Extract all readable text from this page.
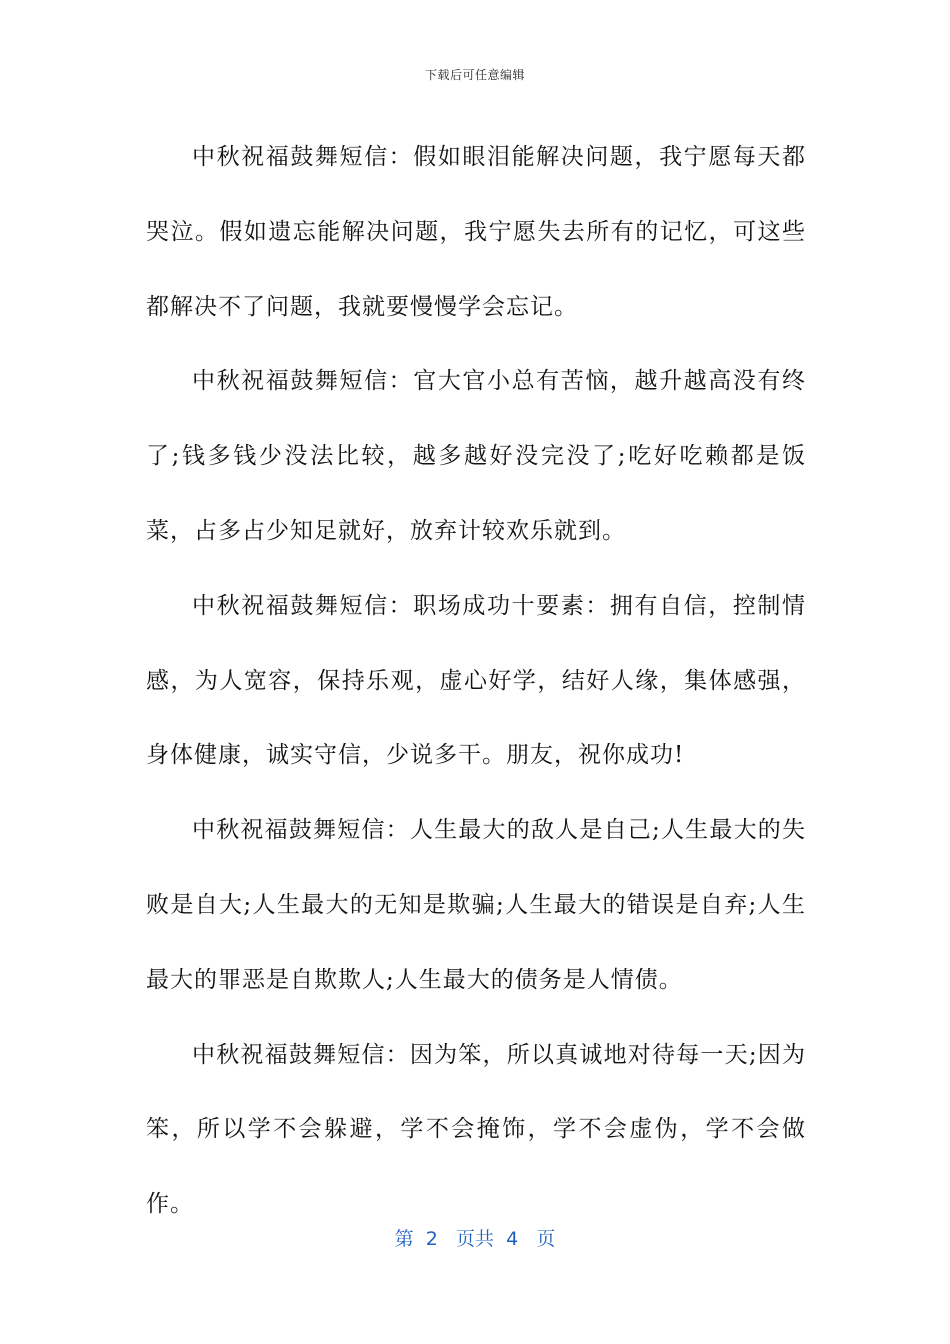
下载后可任意编辑

中秋祝福鼓舞短信：假如眼泪能解决问题，我宁愿每天都哭泣。假如遗忘能解决问题，我宁愿失去所有的记忆，可这些都解决不了问题，我就要慢慢学会忘记。

中秋祝福鼓舞短信：官大官小总有苦恼，越升越高没有终了;钱多钱少没法比较，越多越好没完没了;吃好吃赖都是饭菜，占多占少知足就好，放弃计较欢乐就到。

中秋祝福鼓舞短信：职场成功十要素：拥有自信，控制情感，为人宽容，保持乐观，虚心好学，结好人缘，集体感强，身体健康，诚实守信，少说多干。朋友，祝你成功!

中秋祝福鼓舞短信：人生最大的敌人是自己;人生最大的失败是自大;人生最大的无知是欺骗;人生最大的错误是自弃;人生最大的罪恶是自欺欺人;人生最大的债务是人情债。

中秋祝福鼓舞短信：因为笨，所以真诚地对待每一天;因为笨，所以学不会躲避，学不会掩饰，学不会虚伪，学不会做作。

第 2 页共 4 页
